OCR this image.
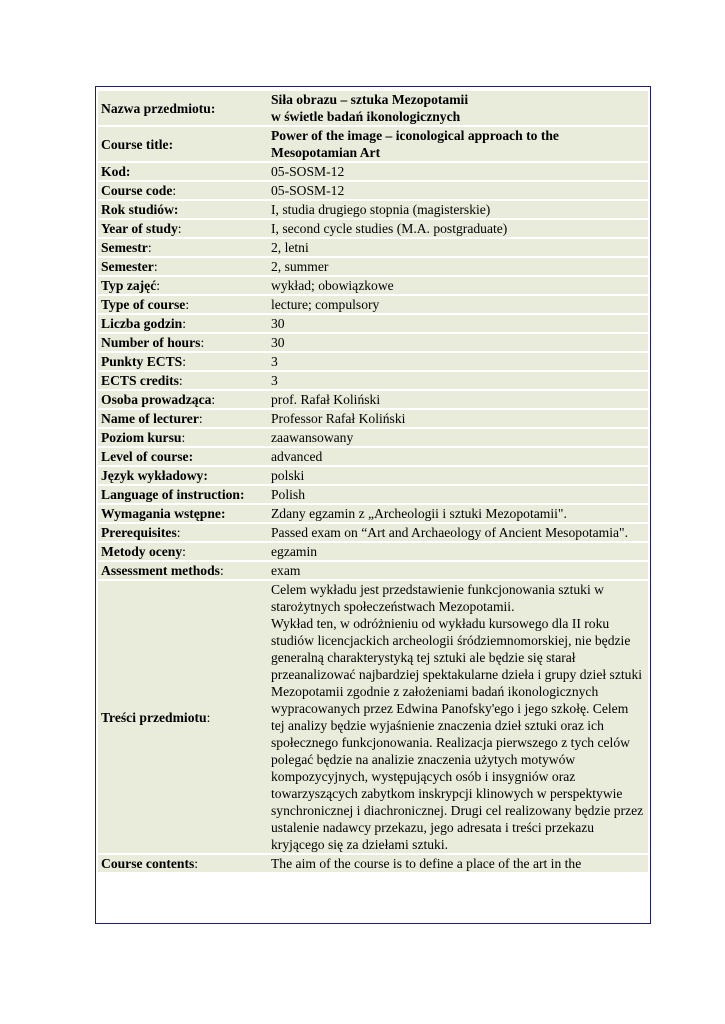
Nazwa przedmiotu:	Siła obrazu – sztuka Mezopotamii
w świetle badań ikonologicznych
Course title:	Power of the image – iconological approach to the Mesopotamian Art
Kod:	05-SOSM-12
Course code:	05-SOSM-12
Rok studiów:	I, studia drugiego stopnia (magisterskie)
Year of study:	I, second cycle studies (M.A. postgraduate)
Semestr:	2, letni
Semester:	2, summer
Typ zajęć:	wykład; obowiązkowe
Type of course:	lecture; compulsory
Liczba godzin:	30
Number of hours:	30
Punkty ECTS:	3
ECTS credits:	3
Osoba prowadząca:	prof. Rafał Koliński
Name of lecturer:	Professor Rafał Koliński
Poziom kursu:	zaawansowany
Level of course:	advanced
Język wykładowy:	polski
Language of instruction:	Polish
Wymagania wstępne:	Zdany egzamin z „Archeologii i sztuki Mezopotamii".
Prerequisites:	Passed exam on “Art and Archaeology of Ancient Mesopotamia".
Metody oceny:	egzamin
Assessment methods:	exam
Treści przedmiotu:	Celem wykładu jest przedstawienie funkcjonowania sztuki w starożytnych społeczeństwach Mezopotamii.

Wykład ten, w odróżnieniu od wykładu kursowego dla II roku studiów licencjackich archeologii śródziemnomorskiej, nie będzie generalną charakterystyką tej sztuki ale będzie się starał przeanalizować najbardziej spektakularne dzieła i grupy dzieł sztuki Mezopotamii zgodnie z założeniami badań ikonologicznych wypracowanych przez Edwina Panofsky'ego i jego szkołę. Celem tej analizy będzie wyjaśnienie znaczenia dzieł sztuki oraz ich społecznego funkcjonowania. Realizacja pierwszego z tych celów polegać będzie na analizie znaczenia użytych motywów kompozycyjnych, występujących osób i insygniów oraz towarzyszących zabytkom inskrypcji klinowych w perspektywie synchronicznej i diachronicznej. Drugi cel realizowany będzie przez ustalenie nadawcy przekazu, jego adresata i treści przekazu kryjącego się za dziełami sztuki.

Course contents:	The aim of the course is to define a place of the art in the
